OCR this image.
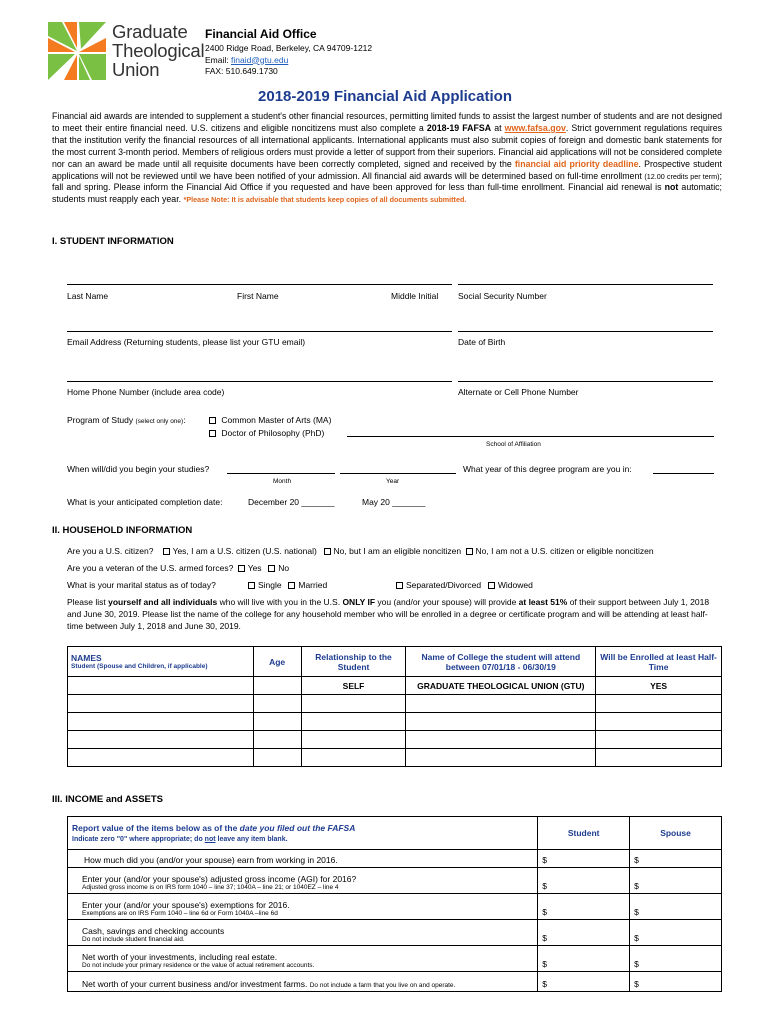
Graduate
Theological
Union
Financial Aid Office
2400 Ridge Road, Berkeley, CA 94709-1212
Email: finaid@gtu.edu
FAX: 510.649.1730
2018-2019 Financial Aid Application
Financial aid awards are intended to supplement a student's other financial resources, permitting limited funds to assist the largest number of students and are not designed to meet their entire financial need. U.S. citizens and eligible noncitizens must also complete a 2018-19 FAFSA at www.fafsa.gov. Strict government regulations requires that the institution verify the financial resources of all international applicants. International applicants must also submit copies of foreign and domestic bank statements for the most current 3-month period. Members of religious orders must provide a letter of support from their superiors. Financial aid applications will not be considered complete nor can an award be made until all requisite documents have been correctly completed, signed and received by the financial aid priority deadline. Prospective student applications will not be reviewed until we have been notified of your admission. All financial aid awards will be determined based on full-time enrollment (12.00 credits per term); fall and spring. Please inform the Financial Aid Office if you requested and have been approved for less than full-time enrollment. Financial aid renewal is not automatic; students must reapply each year. *Please Note: It is advisable that students keep copies of all documents submitted.
I. STUDENT INFORMATION
Last Name	First Name	Middle Initial Social Security Number
Email Address (Returning students, please list your GTU email)	Date of Birth
Home Phone Number (include area code)	Alternate or Cell Phone Number
Program of Study (select only one):	Common Master of Arts (MA)
Doctor of Philosophy (PhD)
School of Affiliation
When will/did you begin your studies?
Month	Year
What year of this degree program are you in:
What is your anticipated completion date:	December 20 _______	May 20 _______
II. HOUSEHOLD INFORMATION
Are you a U.S. citizen? Yes, I am a U.S. citizen (U.S. national) No, but I am an eligible noncitizen No, I am not a U.S. citizen or eligible noncitizen
Are you a veteran of the U.S. armed forces? Yes No
What is your marital status as of today?	Single Married	Separated/Divorced Widowed
Please list yourself and all individuals who will live with you in the U.S. ONLY IF you (and/or your spouse) will provide at least 51% of their support between July 1, 2018 and June 30, 2019. Please list the name of the college for any household member who will be enrolled in a degree or certificate program and will be attending at least half-time between July 1, 2018 and June 30, 2019.
NAMES
Student (Spouse and Children, if applicable)	Age	Relationship to the Student	Name of College the student will attend between 07/01/18 - 06/30/19	Will be Enrolled at least Half-Time
		SELF	GRADUATE THEOLOGICAL UNION (GTU)	YES

III. INCOME and ASSETS
Report value of the items below as of the date you filed out the FAFSA
Indicate zero "0" where appropriate; do not leave any item blank.	Student	Spouse
How much did you (and/or your spouse) earn from working in 2016.	$	$
Enter your (and/or your spouse's) adjusted gross income (AGI) for 2016?
Adjusted gross income is on IRS form 1040 – line 37; 1040A – line 21; or 1040EZ – line 4	$	$
Enter your (and/or your spouse's) exemptions for 2016.
Exemptions are on IRS Form 1040 – line 6d or Form 1040A –line 6d	$	$
Cash, savings and checking accounts
Do not include student financial aid.	$	$
Net worth of your investments, including real estate.
Do not include your primary residence or the value of actual retirement accounts.	$	$
Net worth of your current business and/or investment farms. Do not include a farm that you live on and operate.	$	$
